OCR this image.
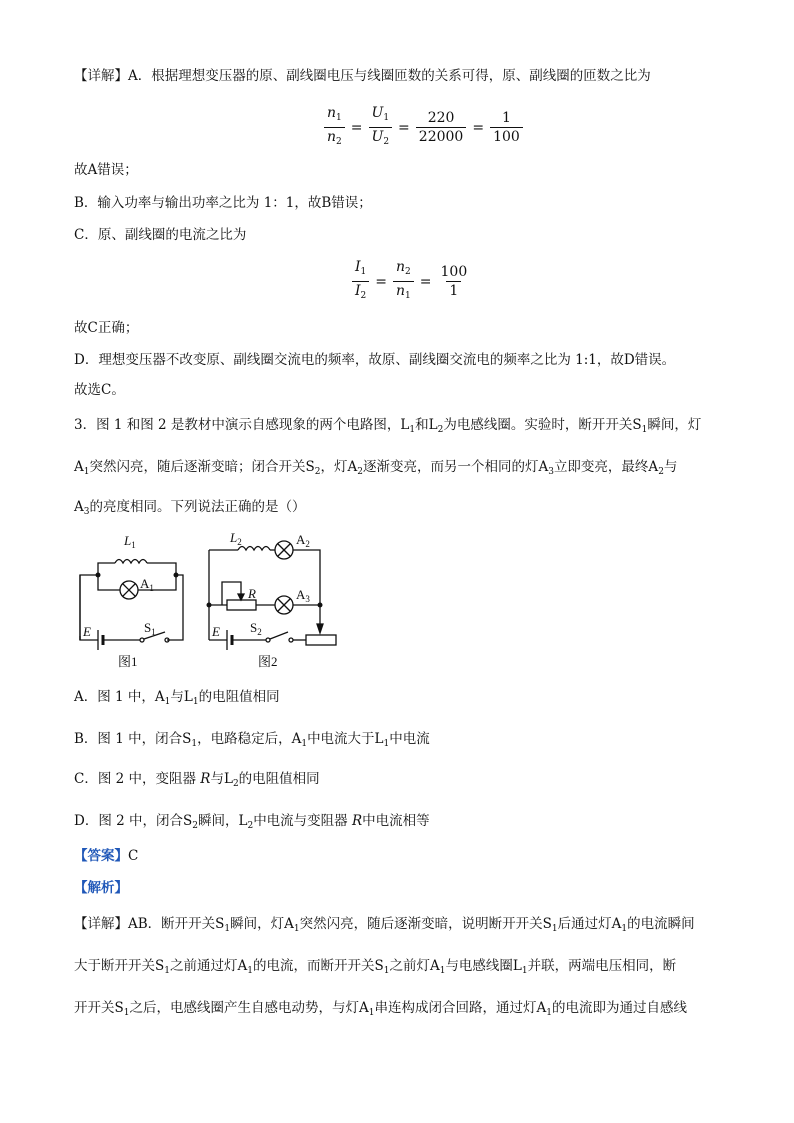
【详解】A．根据理想变压器的原、副线圈电压与线圈匝数的关系可得，原、副线圈的匝数之比为
$\frac{n_1}{n_2} = \frac{U_1}{U_2} = \frac{220}{22000} = \frac{1}{100}$
故A错误；
B．输入功率与输出功率之比为 1：1，故B错误；
C．原、副线圈的电流之比为
$\frac{I_1}{I_2} = \frac{n_2}{n_1} = \frac{100}{1}$
故C正确；
D．理想变压器不改变原、副线圈交流电的频率，故原、副线圈交流电的频率之比为 1:1，故D错误。
故选C。
3．图 1 和图 2 是教材中演示自感现象的两个电路图，$L_1$和$L_2$为电感线圈。实验时，断开开关$S_1$瞬间，灯
$A_1$突然闪亮，随后逐渐变暗；闭合开关$S_2$，灯$A_2$逐渐变亮，而另一个相同的灯$A_3$立即变亮，最终$A_2$与
$A_3$的亮度相同。下列说法正确的是（）
$L_1$
$A_1$
E	$S_1$
图1
$L_2$	$A_2$
R	$A_3$
E $S_2$
图2
A．图 1 中，$A_1$与$L_1$的电阻值相同
B．图 1 中，闭合$S_1$，电路稳定后，$A_1$中电流大于$L_1$中电流
C．图 2 中，变阻器 R与$L_2$的电阻值相同
D．图 2 中，闭合$S_2$瞬间，$L_2$中电流与变阻器 R中电流相等
【答案】C
【解析】
【详解】AB．断开开关$S_1$瞬间，灯$A_1$突然闪亮，随后逐渐变暗，说明断开开关$S_1$后通过灯$A_1$的电流瞬间
大于断开开关$S_1$之前通过灯$A_1$的电流，而断开开关$S_1$之前灯$A_1$与电感线圈$L_1$并联，两端电压相同，断
开开关$S_1$之后，电感线圈产生自感电动势，与灯$A_1$串连构成闭合回路，通过灯$A_1$的电流即为通过自感线
